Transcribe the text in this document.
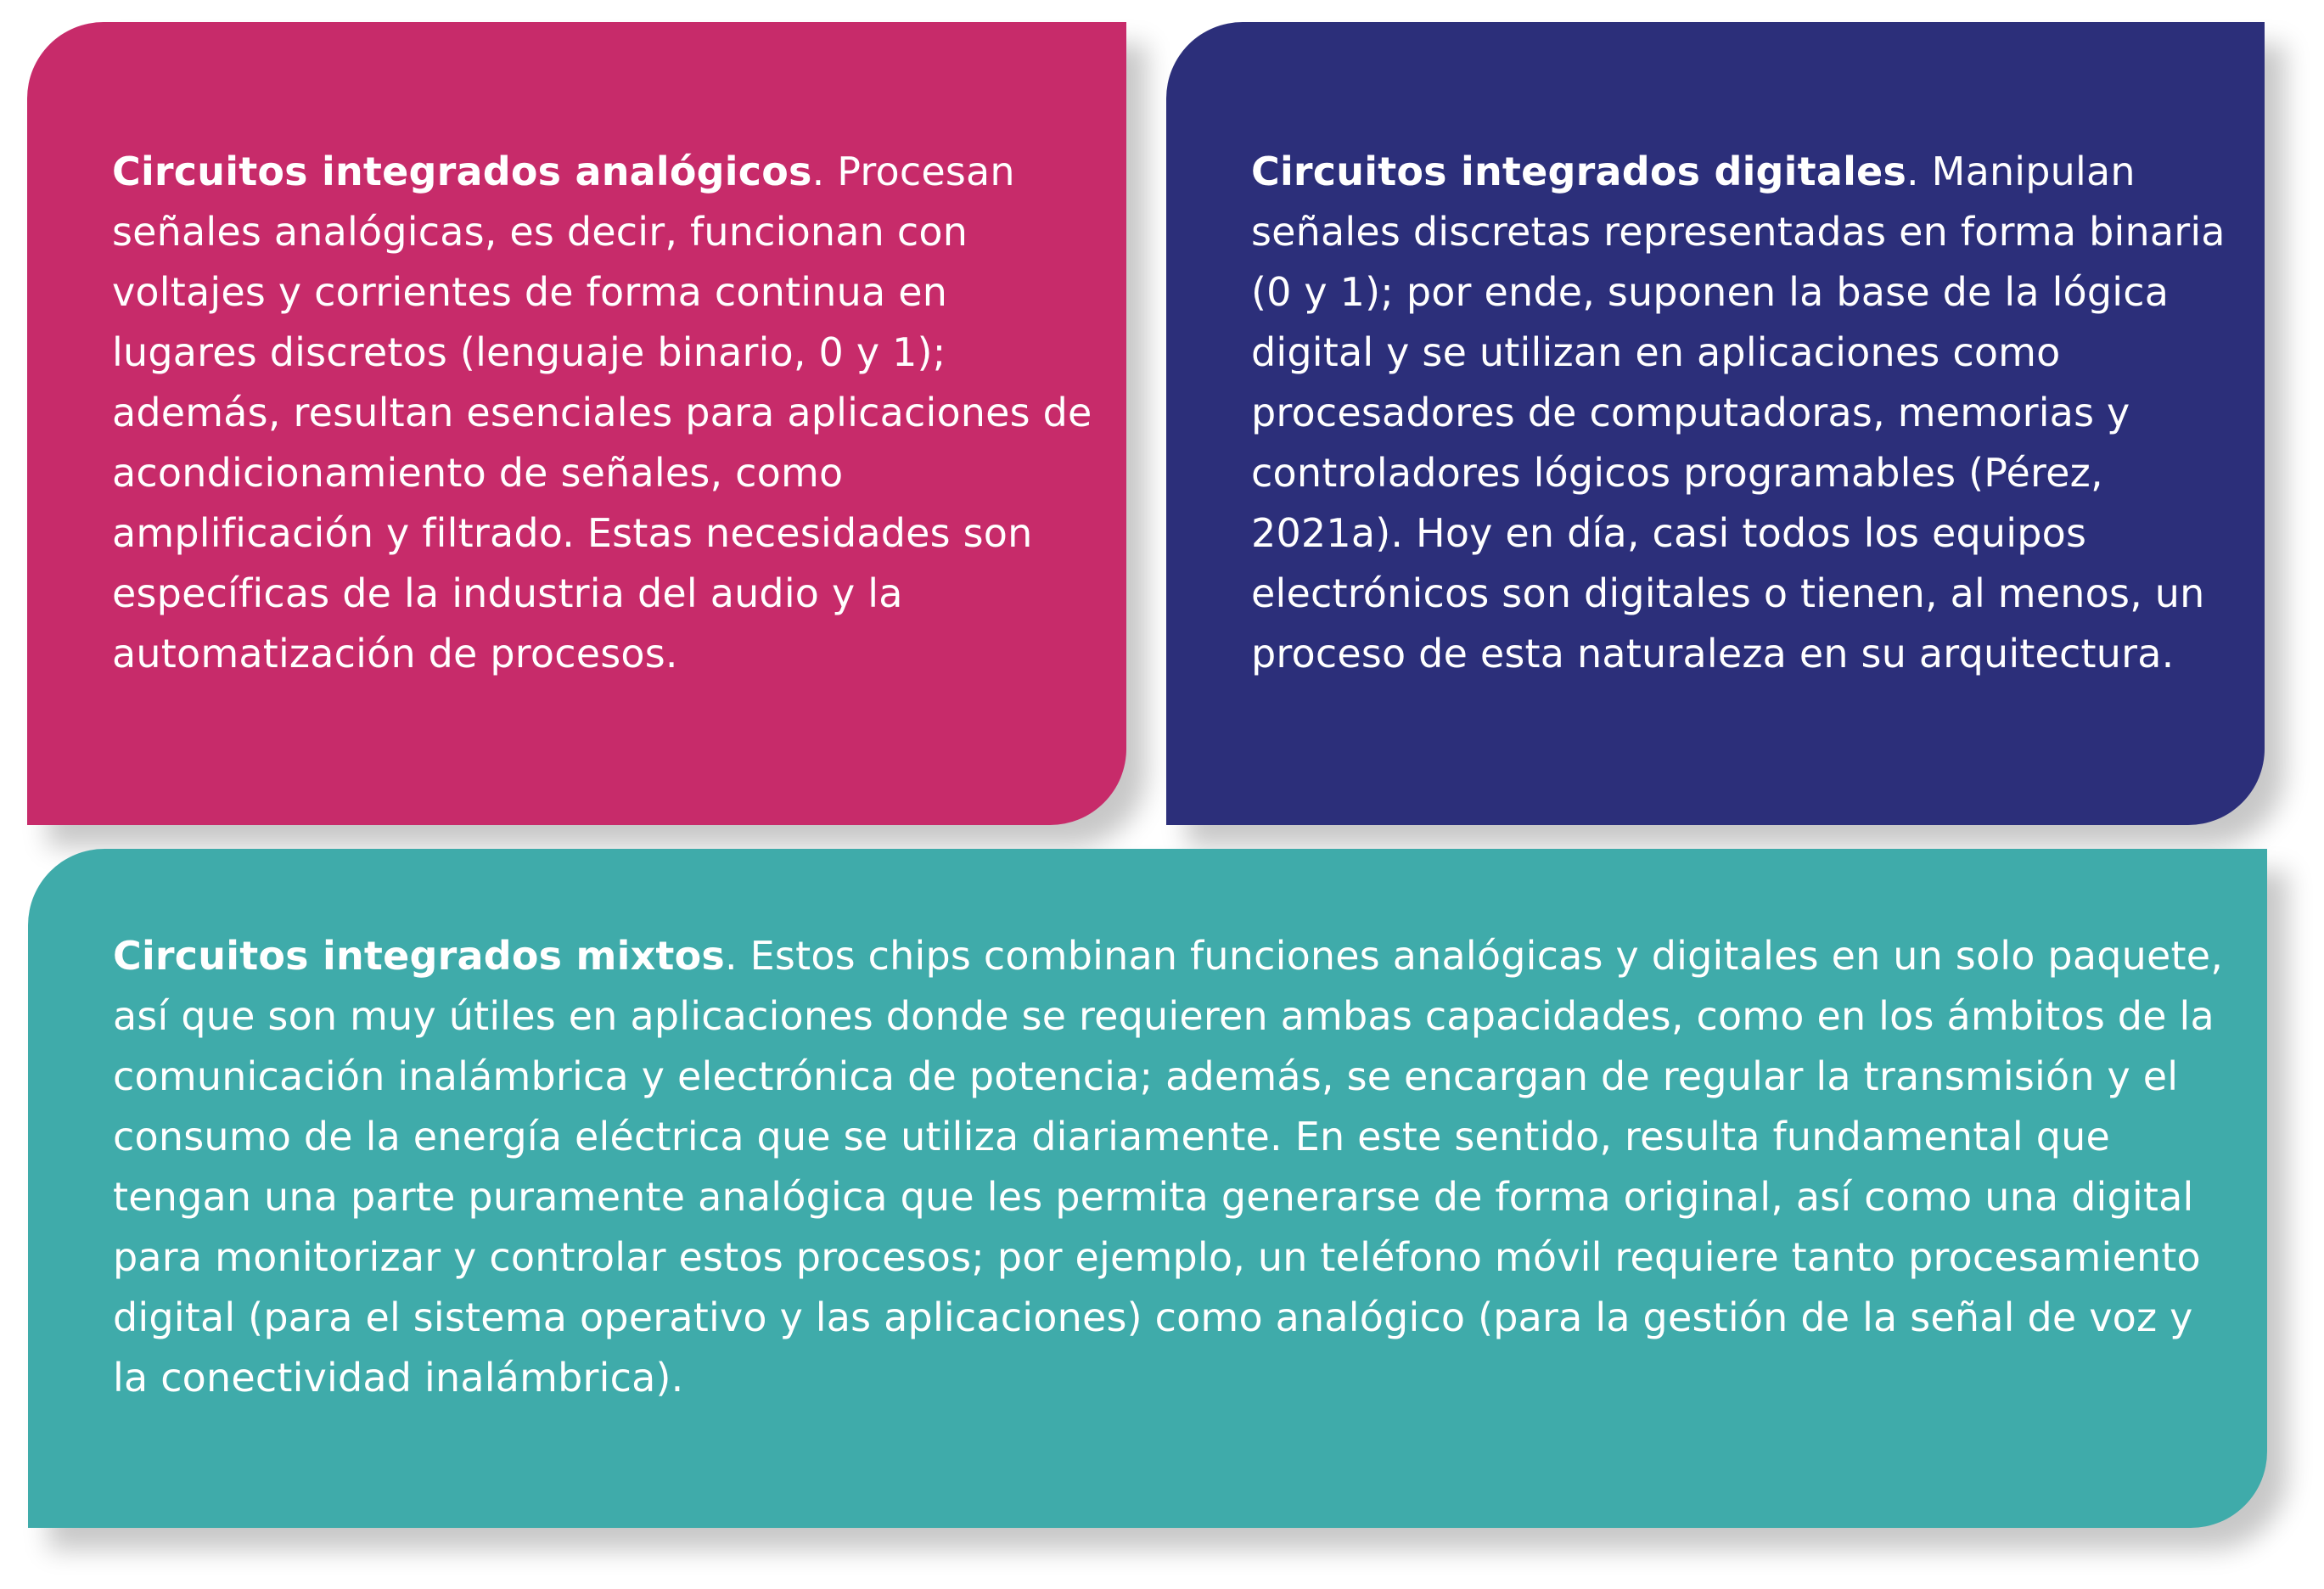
Circuitos integrados analógicos. Procesan señales analógicas, es decir, funcionan con voltajes y corrientes de forma continua en lugares discretos (lenguaje binario, 0 y 1); además, resultan esenciales para aplicaciones de acondicionamiento de señales, como amplificación y filtrado. Estas necesidades son específicas de la industria del audio y la automatización de procesos.

Circuitos integrados digitales. Manipulan señales discretas representadas en forma binaria (0 y 1); por ende, suponen la base de la lógica digital y se utilizan en aplicaciones como procesadores de computadoras, memorias y controladores lógicos programables (Pérez, 2021a). Hoy en día, casi todos los equipos electrónicos son digitales o tienen, al menos, un proceso de esta naturaleza en su arquitectura.

Circuitos integrados mixtos. Estos chips combinan funciones analógicas y digitales en un solo paquete, así que son muy útiles en aplicaciones donde se requieren ambas capacidades, como en los ámbitos de la comunicación inalámbrica y electrónica de potencia; además, se encargan de regular la transmisión y el consumo de la energía eléctrica que se utiliza diariamente. En este sentido, resulta fundamental que tengan una parte puramente analógica que les permita generarse de forma original, así como una digital para monitorizar y controlar estos procesos; por ejemplo, un teléfono móvil requiere tanto procesamiento digital (para el sistema operativo y las aplicaciones) como analógico (para la gestión de la señal de voz y la conectividad inalámbrica).
